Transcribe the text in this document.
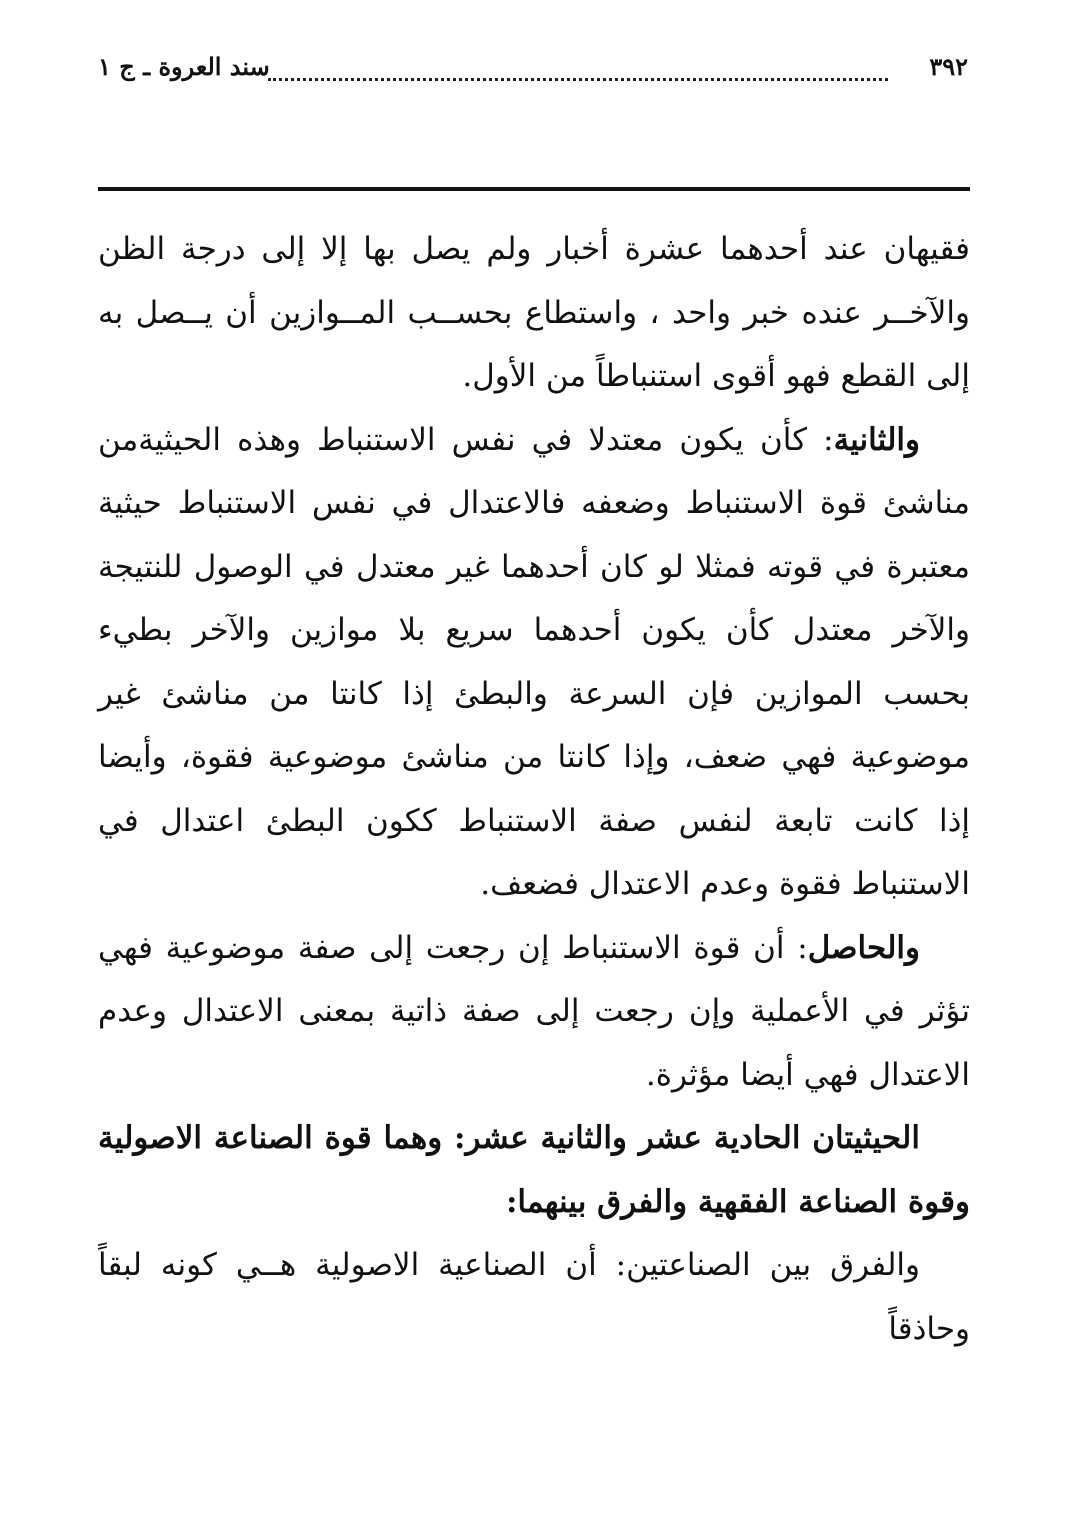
سند العروة ـ ج ١	٣٩٢

فقيهان عند أحدهما عشرة أخبار ولم يصل بها إلا إلى درجة الظن والآخــر عنده خبر واحد ، واستطاع بحســب المــوازين أن يــصل به إلى القطع فهو أقوى استنباطاً من الأول.

والثانية: كأن يكون معتدلا في نفس الاستنباط وهذه الحيثيةمن مناشئ قوة الاستنباط وضعفه فالاعتدال في نفس الاستنباط حيثية معتبرة في قوته فمثلا لو كان أحدهما غير معتدل في الوصول للنتيجة والآخر معتدل كأن يكون أحدهما سريع بلا موازين والآخر بطيء بحسب الموازين فإن السرعة والبطئ إذا كانتا من مناشئ غير موضوعية فهي ضعف، وإذا كانتا من مناشئ موضوعية فقوة، وأيضا إذا كانت تابعة لنفس صفة الاستنباط ككون البطئ اعتدال في الاستنباط فقوة وعدم الاعتدال فضعف.

والحاصل: أن قوة الاستنباط إن رجعت إلى صفة موضوعية فهي تؤثر في الأعملية وإن رجعت إلى صفة ذاتية بمعنى الاعتدال وعدم الاعتدال فهي أيضا مؤثرة.

الحيثيتان الحادية عشر والثانية عشر: وهما قوة الصناعة الاصولية وقوة الصناعة الفقهية والفرق بينهما:

والفرق بين الصناعتين: أن الصناعية الاصولية هــي كونه لبقاً وحاذقاً
